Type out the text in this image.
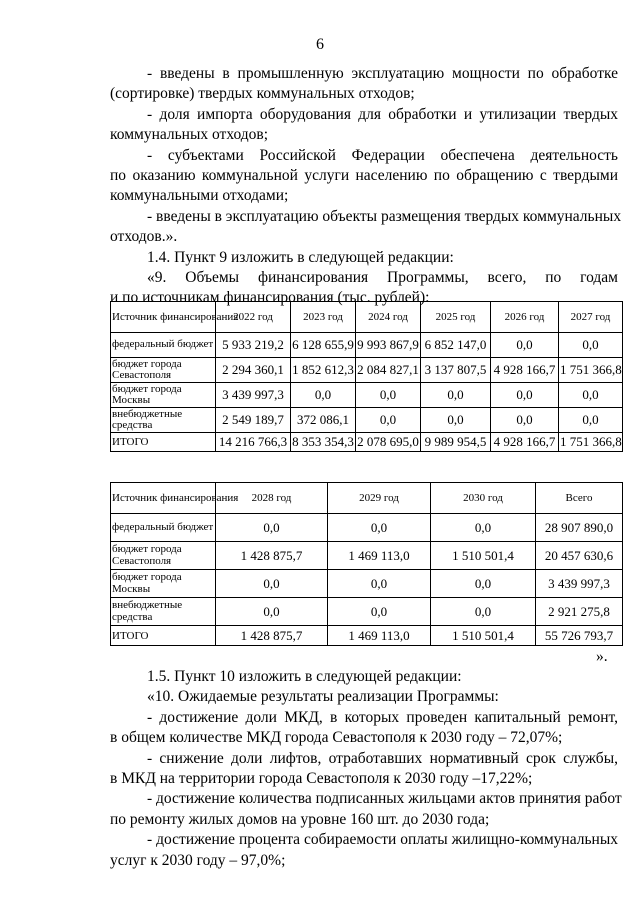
6
- введены в промышленную эксплуатацию мощности по обработке
(сортировке) твердых коммунальных отходов;
- доля импорта оборудования для обработки и утилизации твердых
коммунальных отходов;
- субъектами Российской Федерации обеспечена деятельность
по оказанию коммунальной услуги населению по обращению с твердыми
коммунальными отходами;
- введены в эксплуатацию объекты размещения твердых коммунальных
отходов.».
1.4. Пункт 9 изложить в следующей редакции:
«9. Объемы финансирования Программы, всего, по годам
и по источникам финансирования (тыс. рублей):
Источник финансирования	2022 год	2023 год	2024 год	2025 год	2026 год	2027 год
федеральный бюджет	5 933 219,2	6 128 655,9	9 993 867,9	6 852 147,0	0,0	0,0
бюджет города Севастополя	2 294 360,1	1 852 612,3	2 084 827,1	3 137 807,5	4 928 166,7	1 751 366,8
бюджет города Москвы	3 439 997,3	0,0	0,0	0,0	0,0	0,0
внебюджетные средства	2 549 189,7	372 086,1	0,0	0,0	0,0	0,0
ИТОГО	14 216 766,3	8 353 354,3	2 078 695,0	9 989 954,5	4 928 166,7	1 751 366,8
Источник финансирования	2028 год	2029 год	2030 год	Всего
федеральный бюджет	0,0	0,0	0,0	28 907 890,0
бюджет города Севастополя	1 428 875,7	1 469 113,0	1 510 501,4	20 457 630,6
бюджет города Москвы	0,0	0,0	0,0	3 439 997,3
внебюджетные средства	0,0	0,0	0,0	2 921 275,8
ИТОГО	1 428 875,7	1 469 113,0	1 510 501,4	55 726 793,7
».
1.5. Пункт 10 изложить в следующей редакции:
«10. Ожидаемые результаты реализации Программы:
- достижение доли МКД, в которых проведен капитальный ремонт,
в общем количестве МКД города Севастополя к 2030 году – 72,07%;
- снижение доли лифтов, отработавших нормативный срок службы,
в МКД на территории города Севастополя к 2030 году –17,22%;
- достижение количества подписанных жильцами актов принятия работ
по ремонту жилых домов на уровне 160 шт. до 2030 года;
- достижение процента собираемости оплаты жилищно-коммунальных
услуг к 2030 году – 97,0%;
